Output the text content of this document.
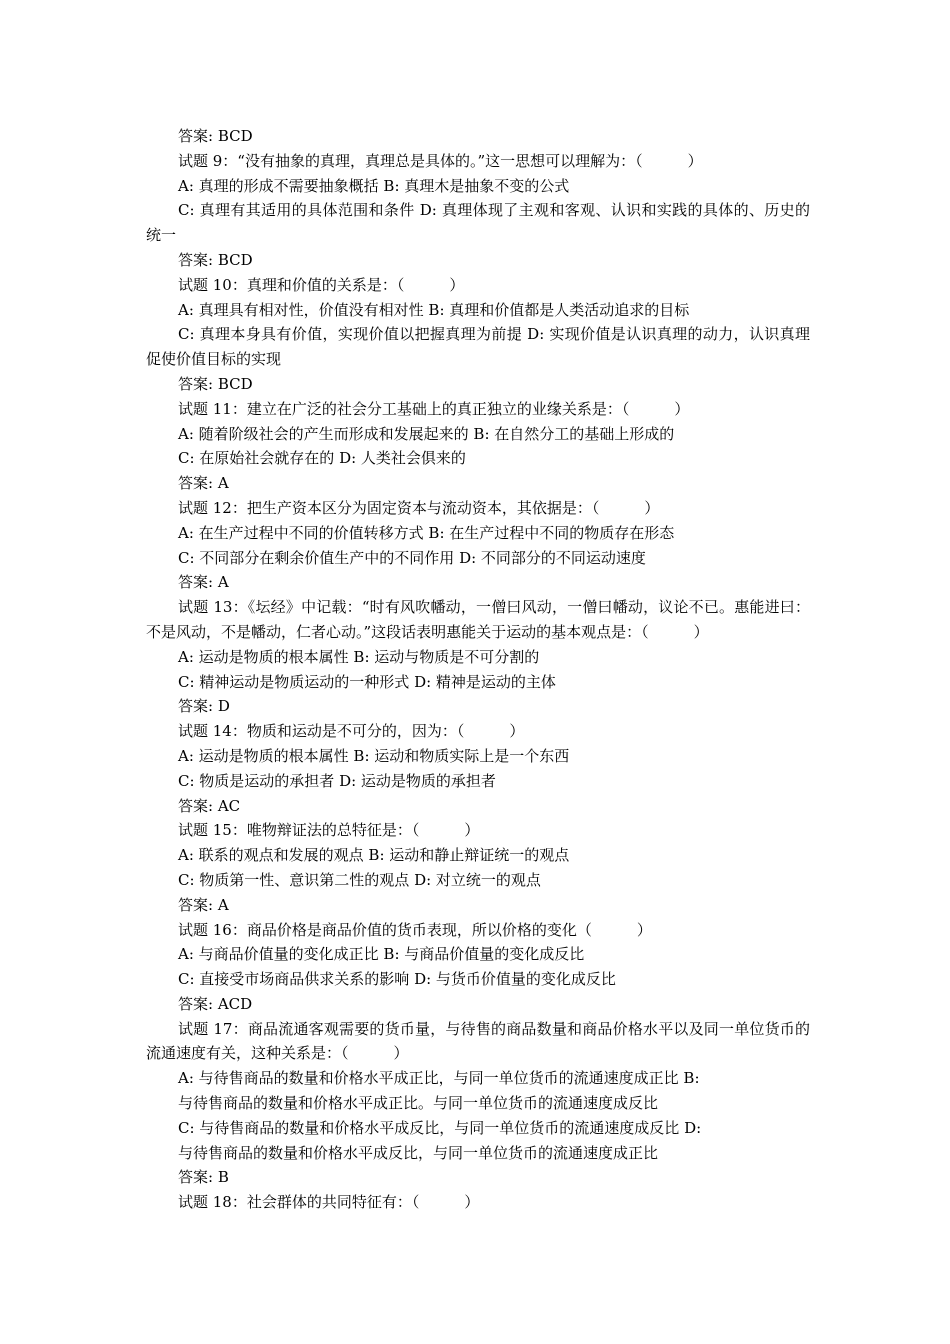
答案: BCD
试题 9：“没有抽象的真理，真理总是具体的。”这一思想可以理解为：（　　　）
A: 真理的形成不需要抽象概括 B: 真理木是抽象不变的公式
C: 真理有其适用的具体范围和条件 D: 真理体现了主观和客观、认识和实践的具体的、历史的统一
答案: BCD
试题 10：真理和价值的关系是：（　　　）
A: 真理具有相对性，价值没有相对性 B: 真理和价值都是人类活动追求的目标
C: 真理本身具有价值，实现价值以把握真理为前提 D: 实现价值是认识真理的动力，认识真理促使价值目标的实现
答案: BCD
试题 11：建立在广泛的社会分工基础上的真正独立的业缘关系是：（　　　）
A: 随着阶级社会的产生而形成和发展起来的 B: 在自然分工的基础上形成的
C: 在原始社会就存在的 D: 人类社会俱来的
答案: A
试题 12：把生产资本区分为固定资本与流动资本，其依据是：（　　　）
A: 在生产过程中不同的价值转移方式 B: 在生产过程中不同的物质存在形态
C: 不同部分在剩余价值生产中的不同作用 D: 不同部分的不同运动速度
答案: A
试题 13：《坛经》中记载：“时有风吹幡动，一僧曰风动，一僧曰幡动，议论不已。惠能进曰：不是风动，不是幡动，仁者心动。”这段话表明惠能关于运动的基本观点是：（　　　）
A: 运动是物质的根本属性 B: 运动与物质是不可分割的
C: 精神运动是物质运动的一种形式 D: 精神是运动的主体
答案: D
试题 14：物质和运动是不可分的，因为：（　　　）
A: 运动是物质的根本属性 B: 运动和物质实际上是一个东西
C: 物质是运动的承担者 D: 运动是物质的承担者
答案: AC
试题 15：唯物辩证法的总特征是：（　　　）
A: 联系的观点和发展的观点 B: 运动和静止辩证统一的观点
C: 物质第一性、意识第二性的观点 D: 对立统一的观点
答案: A
试题 16：商品价格是商品价值的货币表现，所以价格的变化（　　　）
A: 与商品价值量的变化成正比 B: 与商品价值量的变化成反比
C: 直接受市场商品供求关系的影响 D: 与货币价值量的变化成反比
答案: ACD
试题 17：商品流通客观需要的货币量，与待售的商品数量和商品价格水平以及同一单位货币的流通速度有关，这种关系是：（　　　）
A: 与待售商品的数量和价格水平成正比，与同一单位货币的流通速度成正比 B:
与待售商品的数量和价格水平成正比。与同一单位货币的流通速度成反比
C: 与待售商品的数量和价格水平成反比，与同一单位货币的流通速度成反比 D:
与待售商品的数量和价格水平成反比，与同一单位货币的流通速度成正比
答案: B
试题 18：社会群体的共同特征有：（　　　）
